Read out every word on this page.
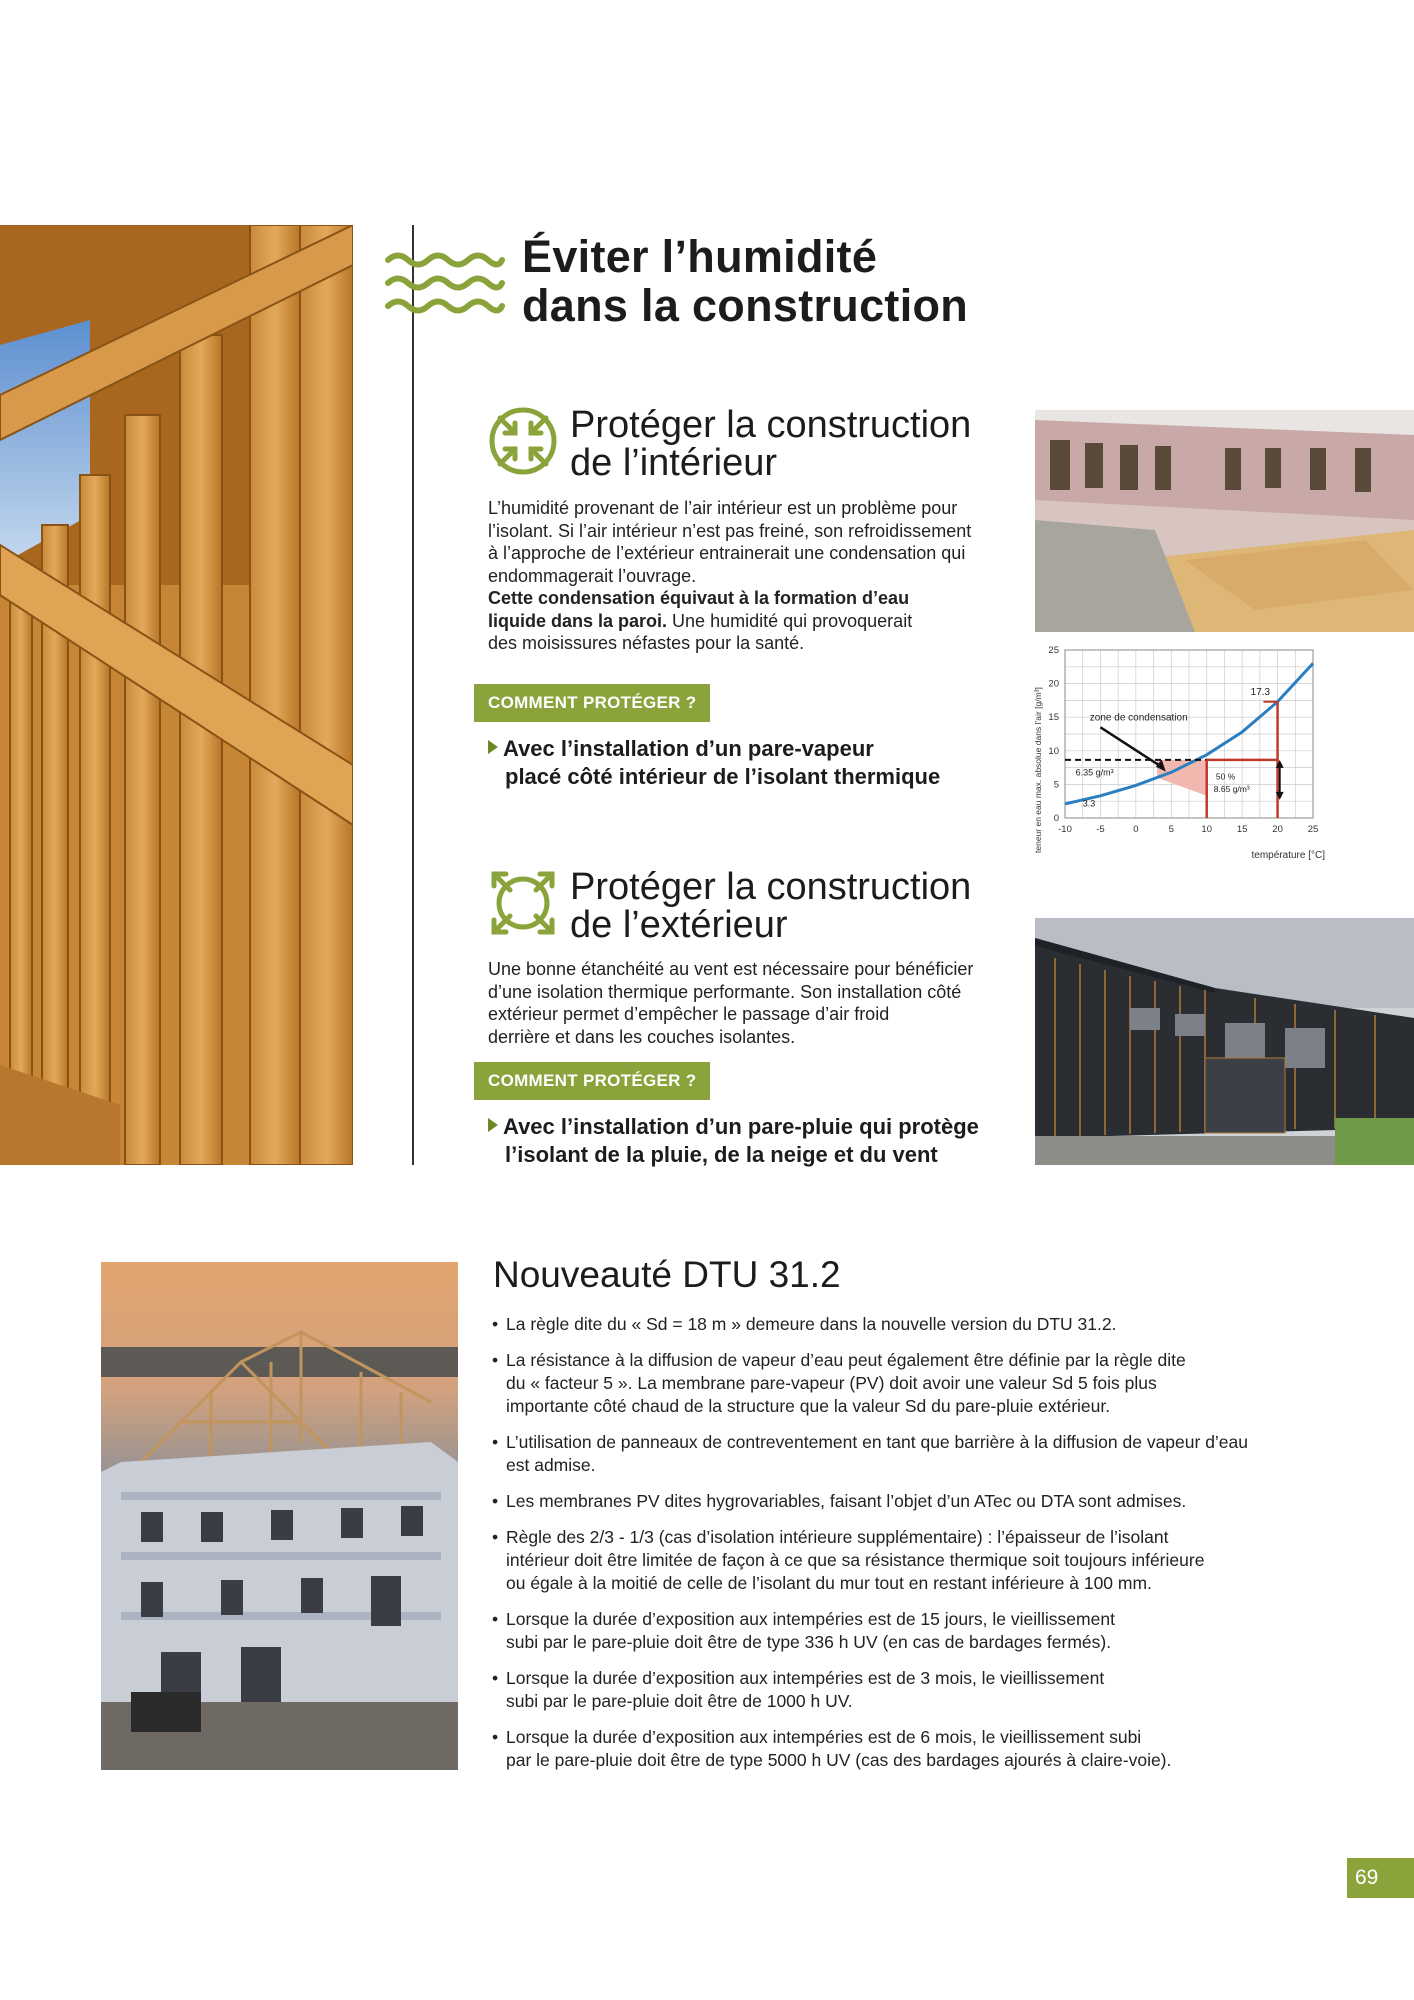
Éviter l’humidité
dans la construction
Protéger la construction
de l’intérieur
L’humidité provenant de l’air intérieur est un problème pour
l’isolant. Si l’air intérieur n’est pas freiné, son refroidissement
à l’approche de l’extérieur entrainerait une condensation qui
endommagerait l’ouvrage.
Cette condensation équivaut à la formation d’eau
liquide dans la paroi. Une humidité qui provoquerait
des moisissures néfastes pour la santé.
COMMENT PROTÉGER ?
Avec l’installation d’un pare-vapeur
placé côté intérieur de l’isolant thermique
-10	-5	0	5	10	15	20	25
0
5
10
15
20
25
teneur en eau max. absolue dans l’air [g/m³]
température [°C]
zone de condensation
17.3
6.35 g/m³
3.3
50 %
8.65 g/m³
Protéger la construction
de l’extérieur
Une bonne étanchéité au vent est nécessaire pour bénéficier
d’une isolation thermique performante. Son installation côté
extérieur permet d’empêcher le passage d’air froid
derrière et dans les couches isolantes.
COMMENT PROTÉGER ?
Avec l’installation d’un pare-pluie qui protège
l’isolant de la pluie, de la neige et du vent
Nouveauté DTU 31.2
• La règle dite du « Sd = 18 m » demeure dans la nouvelle version du DTU 31.2.
• La résistance à la diffusion de vapeur d’eau peut également être définie par la règle dite
du « facteur 5 ». La membrane pare-vapeur (PV) doit avoir une valeur Sd 5 fois plus
importante côté chaud de la structure que la valeur Sd du pare-pluie extérieur.
• L’utilisation de panneaux de contreventement en tant que barrière à la diffusion de vapeur d’eau
est admise.
• Les membranes PV dites hygrovariables, faisant l’objet d’un ATec ou DTA sont admises.
• Règle des 2/3 - 1/3 (cas d’isolation intérieure supplémentaire) : l’épaisseur de l’isolant
intérieur doit être limitée de façon à ce que sa résistance thermique soit toujours inférieure
ou égale à la moitié de celle de l’isolant du mur tout en restant inférieure à 100 mm.
• Lorsque la durée d’exposition aux intempéries est de 15 jours, le vieillissement
subi par le pare-pluie doit être de type 336 h UV (en cas de bardages fermés).
• Lorsque la durée d’exposition aux intempéries est de 3 mois, le vieillissement
subi par le pare-pluie doit être de 1000 h UV.
• Lorsque la durée d’exposition aux intempéries est de 6 mois, le vieillissement subi
par le pare-pluie doit être de type 5000 h UV (cas des bardages ajourés à claire-voie).
69
